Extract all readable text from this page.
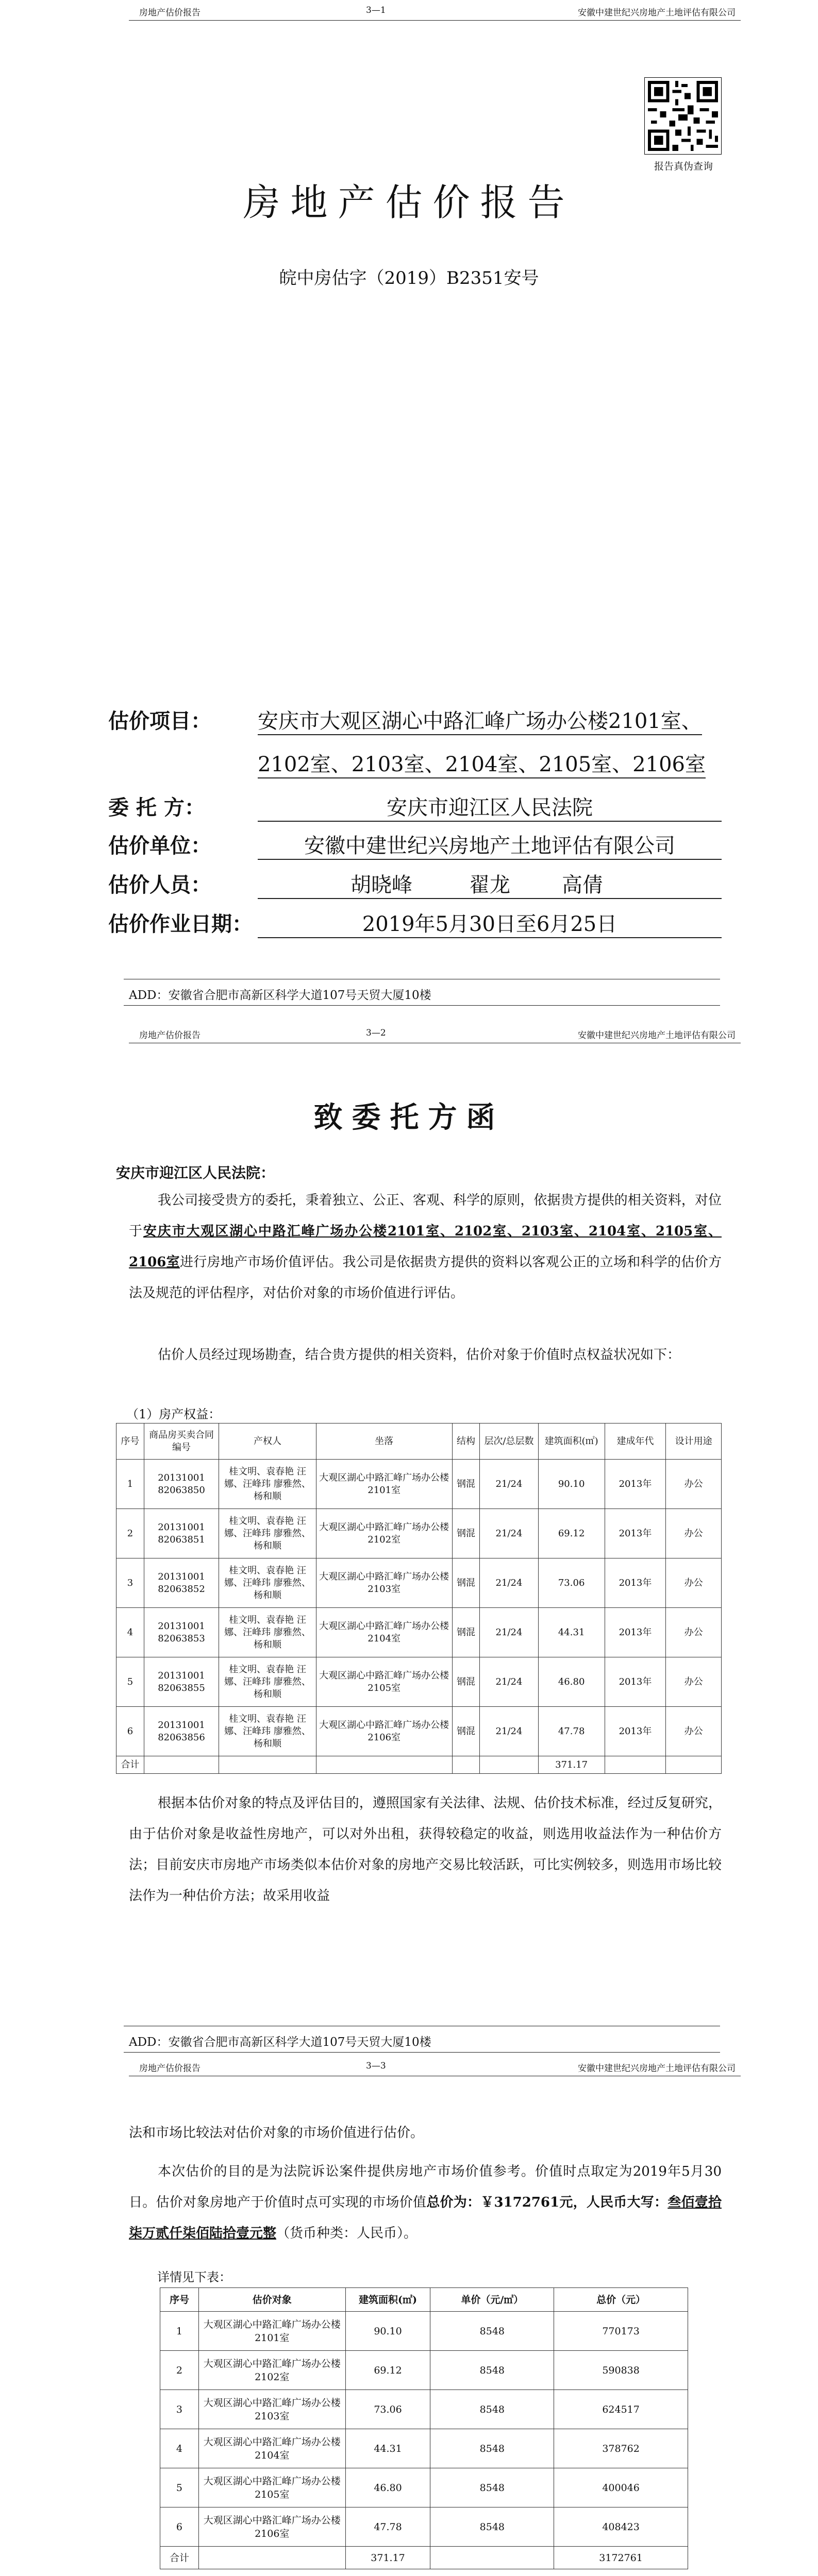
房地产估价报告	3—1	安徽中建世纪兴房地产土地评估有限公司
报告真伪查询
房地产估价报告
皖中房估字（2019）B2351安号
估价项目： 安庆市大观区湖心中路汇峰广场办公楼2101室、
2102室、2103室、2104室、2105室、2106室
委 托 方：	安庆市迎江区人民法院
估价单位：	安徽中建世纪兴房地产土地评估有限公司
估价人员：	胡晓峰	翟龙	高倩
估价作业日期：	2019年5月30日至6月25日
ADD：安徽省合肥市高新区科学大道107号天贸大厦10楼
房地产估价报告	3—2	安徽中建世纪兴房地产土地评估有限公司
致委托方函
安庆市迎江区人民法院：
我公司接受贵方的委托，秉着独立、公正、客观、科学的原则，依据贵方提供的相关资料，对位于安庆市大观区湖心中路汇峰广场办公楼2101室、2102室、2103室、2104室、2105室、2106室进行房地产市场价值评估。我公司是依据贵方提供的资料以客观公正的立场和科学的估价方法及规范的评估程序，对估价对象的市场价值进行评估。
估价人员经过现场勘查，结合贵方提供的相关资料，估价对象于价值时点权益状况如下：
（1）房产权益：
序号	商品房买卖合同编号	产权人	坐落	结构	层次/总层数	建筑面积(㎡)	建成年代	设计用途
1	20131001 82063850	桂文明、袁春艳 汪 娜、汪峰玮 廖雅然、杨和顺	大观区湖心中路汇峰广场办公楼2101室	钢混	21/24	90.10	2013年	办公
2	20131001 82063851	桂文明、袁春艳 汪 娜、汪峰玮 廖雅然、杨和顺	大观区湖心中路汇峰广场办公楼2102室	钢混	21/24	69.12	2013年	办公
3	20131001 82063852	桂文明、袁春艳 汪 娜、汪峰玮 廖雅然、杨和顺	大观区湖心中路汇峰广场办公楼2103室	钢混	21/24	73.06	2013年	办公
4	20131001 82063853	桂文明、袁春艳 汪 娜、汪峰玮 廖雅然、杨和顺	大观区湖心中路汇峰广场办公楼2104室	钢混	21/24	44.31	2013年	办公
5	20131001 82063855	桂文明、袁春艳 汪 娜、汪峰玮 廖雅然、杨和顺	大观区湖心中路汇峰广场办公楼2105室	钢混	21/24	46.80	2013年	办公
6	20131001 82063856	桂文明、袁春艳 汪 娜、汪峰玮 廖雅然、杨和顺	大观区湖心中路汇峰广场办公楼2106室	钢混	21/24	47.78	2013年	办公
合计						371.17		
根据本估价对象的特点及评估目的，遵照国家有关法律、法规、估价技术标准，经过反复研究，由于估价对象是收益性房地产，可以对外出租，获得较稳定的收益，则选用收益法作为一种估价方法；目前安庆市房地产市场类似本估价对象的房地产交易比较活跃，可比实例较多，则选用市场比较法作为一种估价方法；故采用收益
ADD：安徽省合肥市高新区科学大道107号天贸大厦10楼
房地产估价报告	3—3	安徽中建世纪兴房地产土地评估有限公司
法和市场比较法对估价对象的市场价值进行估价。
本次估价的目的是为法院诉讼案件提供房地产市场价值参考。价值时点取定为2019年5月30日。估价对象房地产于价值时点可实现的市场价值总价为：￥3172761元，人民币大写：叁佰壹拾柒万贰仟柒佰陆拾壹元整（货币种类：人民币）。
详情见下表：
序号	估价对象	建筑面积(㎡)	单价（元/㎡）	总价（元）
1	大观区湖心中路汇峰广场办公楼2101室	90.10	8548	770173
2	大观区湖心中路汇峰广场办公楼2102室	69.12	8548	590838
3	大观区湖心中路汇峰广场办公楼2103室	73.06	8548	624517
4	大观区湖心中路汇峰广场办公楼2104室	44.31	8548	378762
5	大观区湖心中路汇峰广场办公楼2105室	46.80	8548	400046
6	大观区湖心中路汇峰广场办公楼2106室	47.78	8548	408423
合计		371.17		3172761
